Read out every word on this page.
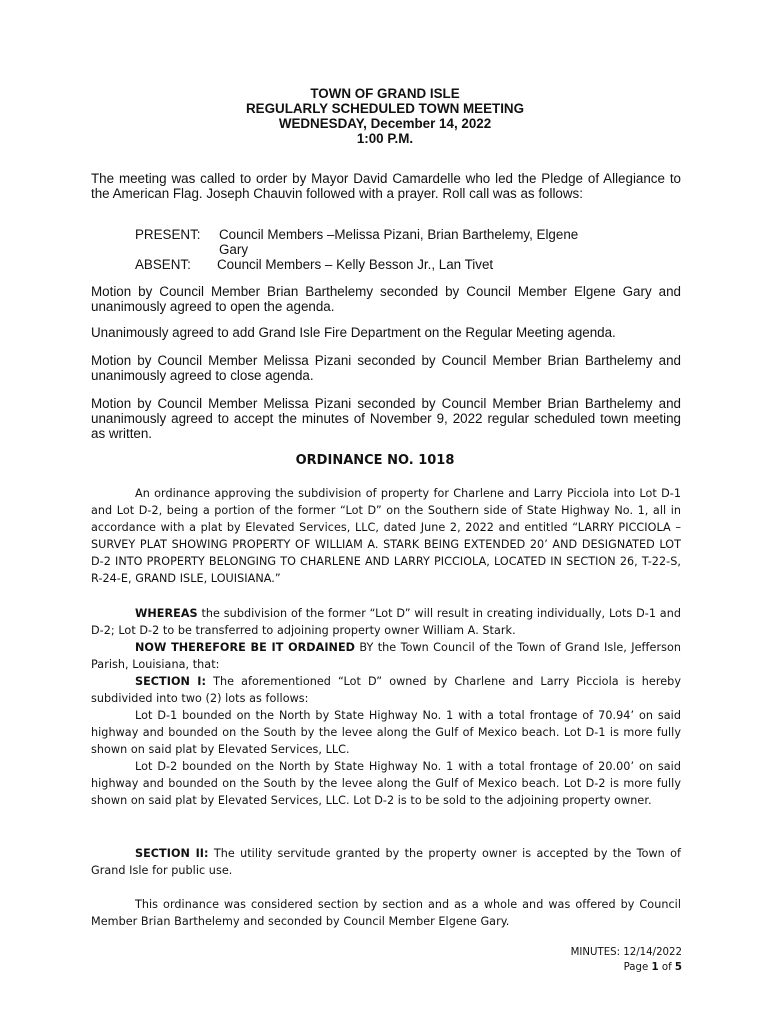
TOWN OF GRAND ISLE
REGULARLY SCHEDULED TOWN MEETING
WEDNESDAY, December 14, 2022
1:00 P.M.
The meeting was called to order by Mayor David Camardelle who led the Pledge of Allegiance to the American Flag. Joseph Chauvin followed with a prayer. Roll call was as follows:
PRESENT:	Council Members –Melissa Pizani, Brian Barthelemy, Elgene
Gary
ABSENT:	Council Members – Kelly Besson Jr., Lan Tivet
Motion by Council Member Brian Barthelemy seconded by Council Member Elgene Gary and unanimously agreed to open the agenda.
Unanimously agreed to add Grand Isle Fire Department on the Regular Meeting agenda.
Motion by Council Member Melissa Pizani seconded by Council Member Brian Barthelemy and unanimously agreed to close agenda.
Motion by Council Member Melissa Pizani seconded by Council Member Brian Barthelemy and unanimously agreed to accept the minutes of November 9, 2022 regular scheduled town meeting as written.
ORDINANCE NO. 1018
An ordinance approving the subdivision of property for Charlene and Larry Picciola into Lot D-1 and Lot D-2, being a portion of the former “Lot D” on the Southern side of State Highway No. 1, all in accordance with a plat by Elevated Services, LLC, dated June 2, 2022 and entitled “LARRY PICCIOLA – SURVEY PLAT SHOWING PROPERTY OF WILLIAM A. STARK BEING EXTENDED 20’ AND DESIGNATED LOT D-2 INTO PROPERTY BELONGING TO CHARLENE AND LARRY PICCIOLA, LOCATED IN SECTION 26, T-22-S, R-24-E, GRAND ISLE, LOUISIANA.”
WHEREAS the subdivision of the former “Lot D” will result in creating individually, Lots D-1 and D-2; Lot D-2 to be transferred to adjoining property owner William A. Stark.
NOW THEREFORE BE IT ORDAINED BY the Town Council of the Town of Grand Isle, Jefferson Parish, Louisiana, that:
SECTION I: The aforementioned “Lot D” owned by Charlene and Larry Picciola is hereby subdivided into two (2) lots as follows:
Lot D-1 bounded on the North by State Highway No. 1 with a total frontage of 70.94’ on said highway and bounded on the South by the levee along the Gulf of Mexico beach. Lot D-1 is more fully shown on said plat by Elevated Services, LLC.
Lot D-2 bounded on the North by State Highway No. 1 with a total frontage of 20.00’ on said highway and bounded on the South by the levee along the Gulf of Mexico beach. Lot D-2 is more fully shown on said plat by Elevated Services, LLC. Lot D-2 is to be sold to the adjoining property owner.
SECTION II: The utility servitude granted by the property owner is accepted by the Town of Grand Isle for public use.
This ordinance was considered section by section and as a whole and was offered by Council Member Brian Barthelemy and seconded by Council Member Elgene Gary.
MINUTES: 12/14/2022
Page 1 of 5
